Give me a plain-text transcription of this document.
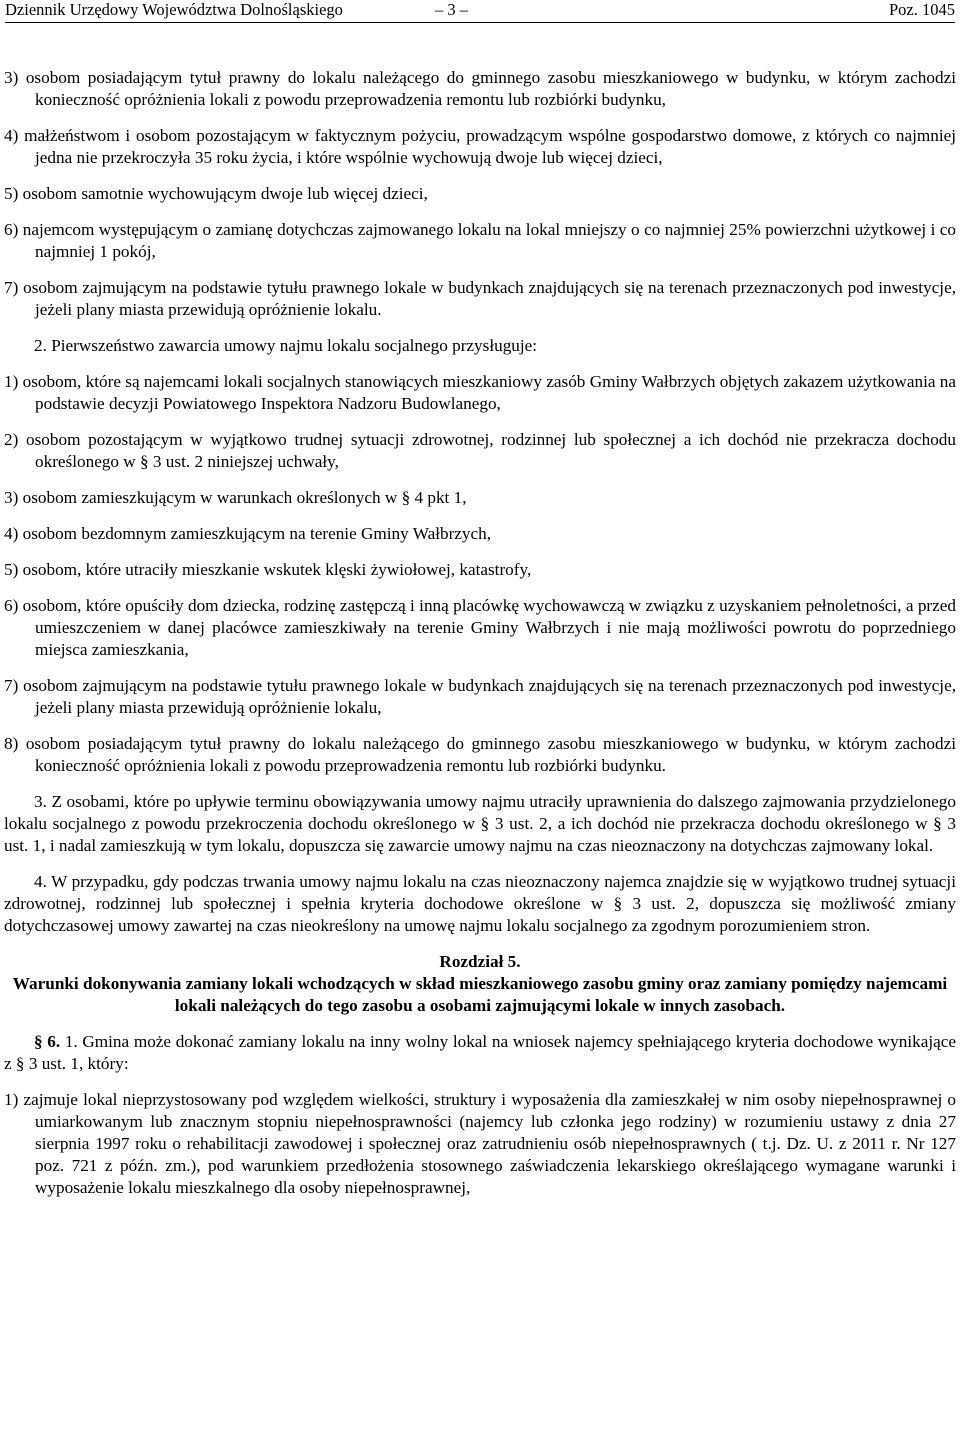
Dziennik Urzędowy Województwa Dolnośląskiego	– 3 –	Poz. 1045

3) osobom posiadającym tytuł prawny do lokalu należącego do gminnego zasobu mieszkaniowego w budynku, w którym zachodzi konieczność opróżnienia lokali z powodu przeprowadzenia remontu lub rozbiórki budynku,

4) małżeństwom i osobom pozostającym w faktycznym pożyciu, prowadzącym wspólne gospodarstwo domowe, z których co najmniej jedna nie przekroczyła 35 roku życia, i które wspólnie wychowują dwoje lub więcej dzieci,

5) osobom samotnie wychowującym dwoje lub więcej dzieci,

6) najemcom występującym o zamianę dotychczas zajmowanego lokalu na lokal mniejszy o co najmniej 25% powierzchni użytkowej i co najmniej 1 pokój,

7) osobom zajmującym na podstawie tytułu prawnego lokale w budynkach znajdujących się na terenach przeznaczonych pod inwestycje, jeżeli plany miasta przewidują opróżnienie lokalu.

2. Pierwszeństwo zawarcia umowy najmu lokalu socjalnego przysługuje:

1) osobom, które są najemcami lokali socjalnych stanowiących mieszkaniowy zasób Gminy Wałbrzych objętych zakazem użytkowania na podstawie decyzji Powiatowego Inspektora Nadzoru Budowlanego,

2) osobom pozostającym w wyjątkowo trudnej sytuacji zdrowotnej, rodzinnej lub społecznej a ich dochód nie przekracza dochodu określonego w § 3 ust. 2 niniejszej uchwały,

3) osobom zamieszkującym w warunkach określonych w § 4 pkt 1,

4) osobom bezdomnym zamieszkującym na terenie Gminy Wałbrzych,

5) osobom, które utraciły mieszkanie wskutek klęski żywiołowej, katastrofy,

6) osobom, które opuściły dom dziecka, rodzinę zastępczą i inną placówkę wychowawczą w związku z uzyskaniem pełnoletności, a przed umieszczeniem w danej placówce zamieszkiwały na terenie Gminy Wałbrzych i nie mają możliwości powrotu do poprzedniego miejsca zamieszkania,

7) osobom zajmującym na podstawie tytułu prawnego lokale w budynkach znajdujących się na terenach przeznaczonych pod inwestycje, jeżeli plany miasta przewidują opróżnienie lokalu,

8) osobom posiadającym tytuł prawny do lokalu należącego do gminnego zasobu mieszkaniowego w budynku, w którym zachodzi konieczność opróżnienia lokali z powodu przeprowadzenia remontu lub rozbiórki budynku.

3. Z osobami, które po upływie terminu obowiązywania umowy najmu utraciły uprawnienia do dalszego zajmowania przydzielonego lokalu socjalnego z powodu przekroczenia dochodu określonego w § 3 ust. 2, a ich dochód nie przekracza dochodu określonego w § 3 ust. 1, i nadal zamieszkują w tym lokalu, dopuszcza się zawarcie umowy najmu na czas nieoznaczony na dotychczas zajmowany lokal.

4. W przypadku, gdy podczas trwania umowy najmu lokalu na czas nieoznaczony najemca znajdzie się w wyjątkowo trudnej sytuacji zdrowotnej, rodzinnej lub społecznej i spełnia kryteria dochodowe określone w § 3 ust. 2, dopuszcza się możliwość zmiany dotychczasowej umowy zawartej na czas nieokreślony na umowę najmu lokalu socjalnego za zgodnym porozumieniem stron.

Rozdział 5.

Warunki dokonywania zamiany lokali wchodzących w skład mieszkaniowego zasobu gminy oraz zamiany pomiędzy najemcami lokali należących do tego zasobu a osobami zajmującymi lokale w innych zasobach.

§ 6. 1. Gmina może dokonać zamiany lokalu na inny wolny lokal na wniosek najemcy spełniającego kryteria dochodowe wynikające z § 3 ust. 1, który:

1) zajmuje lokal nieprzystosowany pod względem wielkości, struktury i wyposażenia dla zamieszkałej w nim osoby niepełnosprawnej o umiarkowanym lub znacznym stopniu niepełnosprawności (najemcy lub członka jego rodziny) w rozumieniu ustawy z dnia 27 sierpnia 1997 roku o rehabilitacji zawodowej i społecznej oraz zatrudnieniu osób niepełnosprawnych ( t.j. Dz. U. z 2011 r. Nr 127 poz. 721 z późn. zm.), pod warunkiem przedłożenia stosownego zaświadczenia lekarskiego określającego wymagane warunki i wyposażenie lokalu mieszkalnego dla osoby niepełnosprawnej,
